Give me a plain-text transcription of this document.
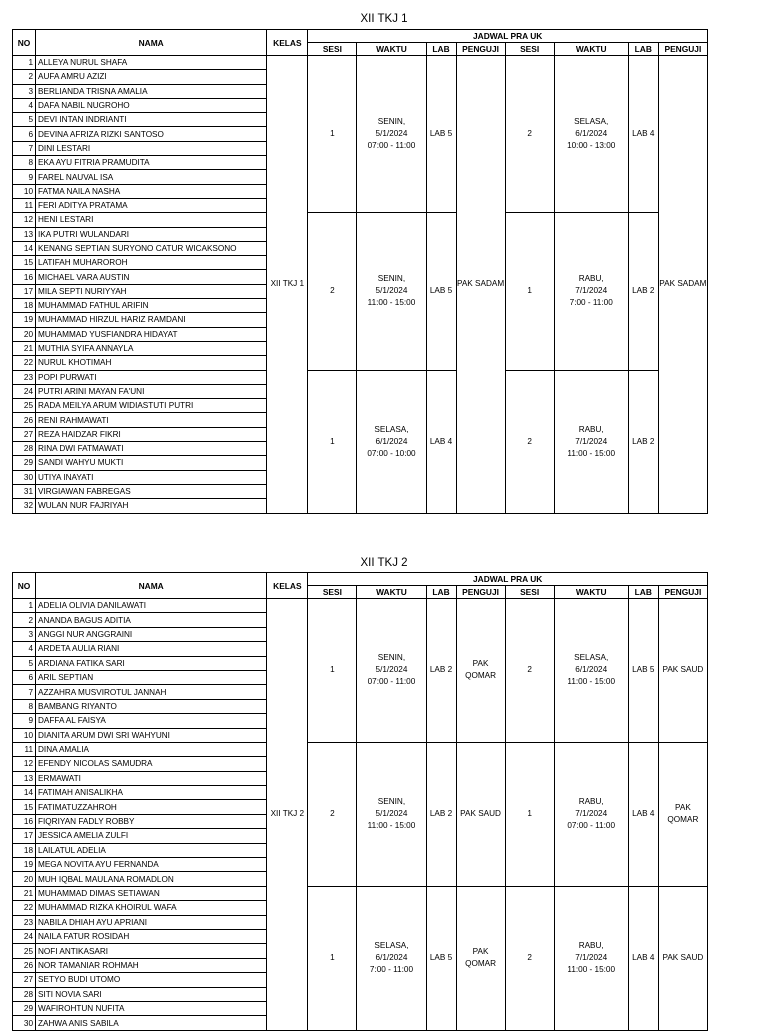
XII TKJ 1
NO	NAMA	KELAS	JADWAL PRA UK							
			SESI	WAKTU	LAB	PENGUJI	SESI	WAKTU	LAB	PENGUJI
1	ALLEYA NURUL SHAFA	XII TKJ 1	1	SENIN,
5/1/2024
07:00 - 11:00	LAB 5	PAK SADAM	2	SELASA,
6/1/2024
10:00 - 13:00	LAB 4	PAK SADAM
2	AUFA AMRU AZIZI									
3	BERLIANDA TRISNA AMALIA									
4	DAFA NABIL NUGROHO									
5	DEVI INTAN INDRIANTI									
6	DEVINA AFRIZA RIZKI SANTOSO									
7	DINI LESTARI									
8	EKA AYU FITRIA PRAMUDITA									
9	FAREL NAUVAL ISA									
10	FATMA NAILA NASHA									
11	FERI ADITYA PRATAMA									
12	HENI LESTARI		2	SENIN,
5/1/2024
11:00 - 15:00	LAB 5		1	RABU,
7/1/2024
7:00 - 11:00	LAB 2	
13	IKA PUTRI WULANDARI									
14	KENANG SEPTIAN SURYONO CATUR WICAKSONO									
15	LATIFAH MUHAROROH									
16	MICHAEL VARA AUSTIN									
17	MILA SEPTI NURIYYAH									
18	MUHAMMAD FATHUL ARIFIN									
19	MUHAMMAD HIRZUL HARIZ RAMDANI									
20	MUHAMMAD YUSFIANDRA HIDAYAT									
21	MUTHIA SYIFA ANNAYLA									
22	NURUL KHOTIMAH									
23	POPI PURWATI		1	SELASA,
6/1/2024
07:00 - 10:00	LAB 4		2	RABU,
7/1/2024
11:00 - 15:00	LAB 2	
24	PUTRI ARINI MAYAN FA'UNI									
25	RADA MEILYA ARUM WIDIASTUTI PUTRI									
26	RENI RAHMAWATI									
27	REZA HAIDZAR FIKRI									
28	RINA DWI FATMAWATI									
29	SANDI WAHYU MUKTI									
30	UTIYA INAYATI									
31	VIRGIAWAN FABREGAS									
32	WULAN NUR FAJRIYAH									
XII TKJ 2
NO	NAMA	KELAS	JADWAL PRA UK							
			SESI	WAKTU	LAB	PENGUJI	SESI	WAKTU	LAB	PENGUJI
1	ADELIA OLIVIA DANILAWATI	XII TKJ 2	1	SENIN,
5/1/2024
07:00 - 11:00	LAB 2	PAK QOMAR	2	SELASA,
6/1/2024
11:00 - 15:00	LAB 5	PAK SAUD
2	ANANDA BAGUS ADITIA									
3	ANGGI NUR ANGGRAINI									
4	ARDETA AULIA RIANI									
5	ARDIANA FATIKA SARI									
6	ARIL SEPTIAN									
7	AZZAHRA MUSVIROTUL JANNAH									
8	BAMBANG RIYANTO									
9	DAFFA AL FAISYA									
10	DIANITA ARUM DWI SRI WAHYUNI									
11	DINA AMALIA		2	SENIN,
5/1/2024
11:00 - 15:00	LAB 2	PAK SAUD	1	RABU,
7/1/2024
07:00 - 11:00	LAB 4	PAK QOMAR
12	EFENDY NICOLAS SAMUDRA									
13	ERMAWATI									
14	FATIMAH ANISALIKHA									
15	FATIMATUZZAHROH									
16	FIQRIYAN FADLY ROBBY									
17	JESSICA AMELIA ZULFI									
18	LAILATUL ADELIA									
19	MEGA NOVITA AYU FERNANDA									
20	MUH IQBAL MAULANA ROMADLON									
21	MUHAMMAD DIMAS SETIAWAN		1	SELASA,
6/1/2024
7:00 - 11:00	LAB 5	PAK QOMAR	2	RABU,
7/1/2024
11:00 - 15:00	LAB 4	PAK SAUD
22	MUHAMMAD RIZKA KHOIRUL WAFA									
23	NABILA DHIAH AYU APRIANI									
24	NAILA FATUR ROSIDAH									
25	NOFI ANTIKASARI									
26	NOR TAMANIAR ROHMAH									
27	SETYO BUDI UTOMO									
28	SITI NOVIA SARI									
29	WAFIROHTUN NUFITA									
30	ZAHWA ANIS SABILA									
